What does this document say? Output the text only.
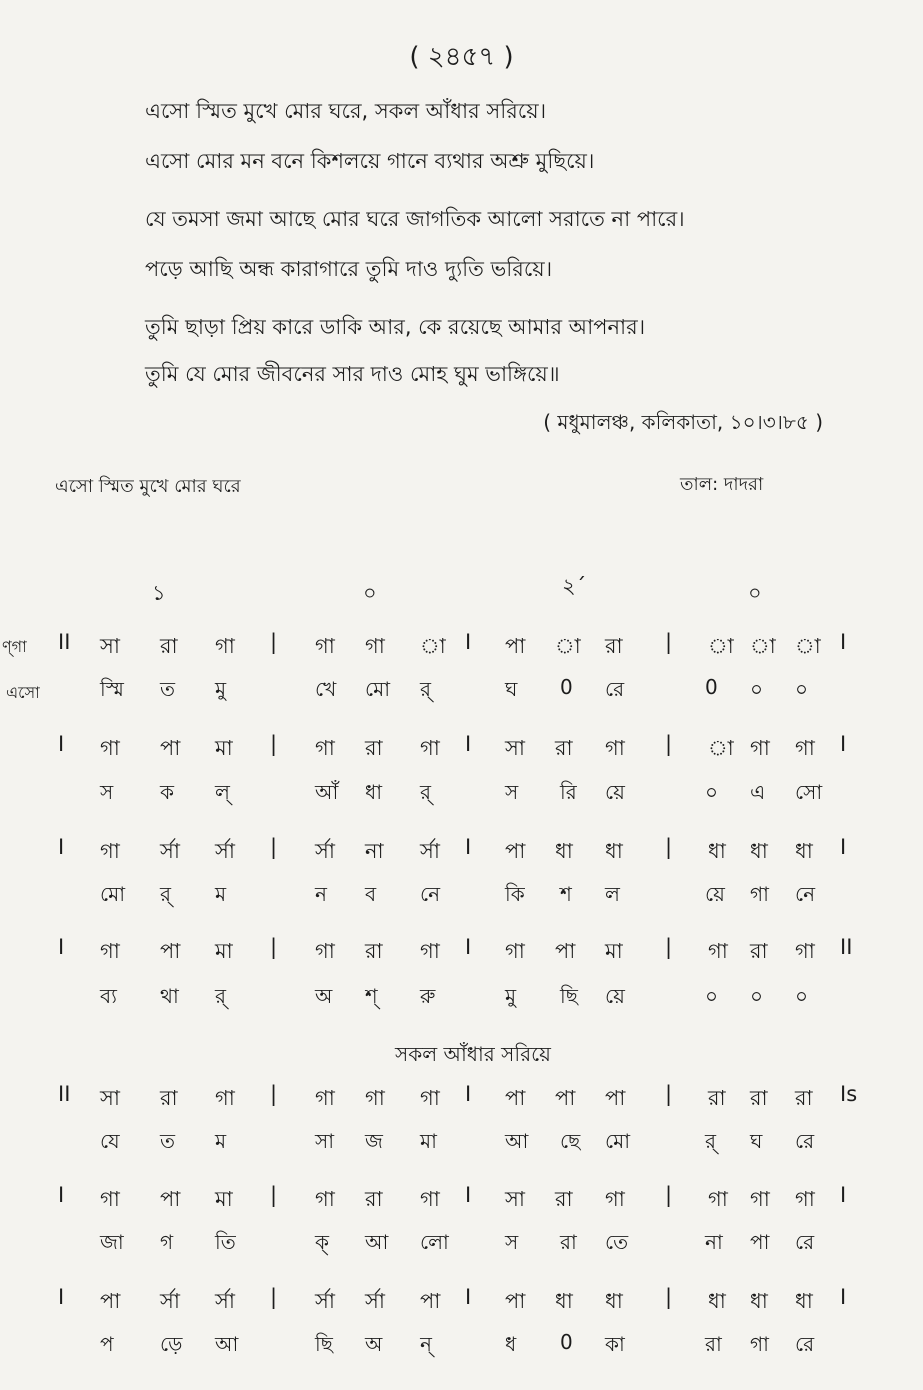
( ২৪৫৭ )
এসো স্মিত মুখে মোর ঘরে, সকল আঁধার সরিয়ে।
এসো মোর মন বনে কিশলয়ে গানে ব্যথার অশ্রু মুছিয়ে।
যে তমসা জমা আছে মোর ঘরে জাগতিক আলো সরাতে না পারে।
পড়ে আছি অন্ধ কারাগারে তুমি দাও দ্যুতি ভরিয়ে।
তুমি ছাড়া প্রিয় কারে ডাকি আর, কে রয়েছে আমার আপনার।
তুমি যে মোর জীবনের সার দাও মোহ ঘুম ভাঙ্গিয়ে॥
( মধুমালঞ্চ, কলিকাতা, ১০।৩।৮৫ )
এসো স্মিত মুখে মোর ঘরে	তাল: দাদরা
১	০	২´	০
ণ্গা
এসো
II সা রা গা | গা গা া I পা া রা | া া া I
স্মি ত মু	খে মো র্	ঘ 0 রে	0 ০ ০
I গা পা মা | গা রা গা I সা রা গা | া গা গা I
স ক ল্	আঁ ধা র্	স রি য়ে	০ এ সো
I গা র্সা র্সা | র্সা না র্সা I পা ধা ধা | ধা ধা ধা I
মো র্ ম	ন ব নে	কি শ ল	য়ে গা নে
I গা পা মা | গা রা গা I গা পা মা | গা রা গা II
ব্য থা র্	অ শ্ রু	মু ছি য়ে	০ ০ ০
II সা রা গা | গা গা গা I পা পা পা | রা রা রা Is
যে ত ম	সা জ মা	আ ছে মো	র্ ঘ রে
I গা পা মা | গা রা গা I সা রা গা | গা গা গা I
জা গ তি	ক্ আ লো	স রা তে	না পা রে
I পা র্সা র্সা | র্সা র্সা পা I পা ধা ধা | ধা ধা ধা I
প ড়ে আ	ছি অ ন্	ধ 0 কা	রা গা রে
সকল আঁধার সরিয়ে
